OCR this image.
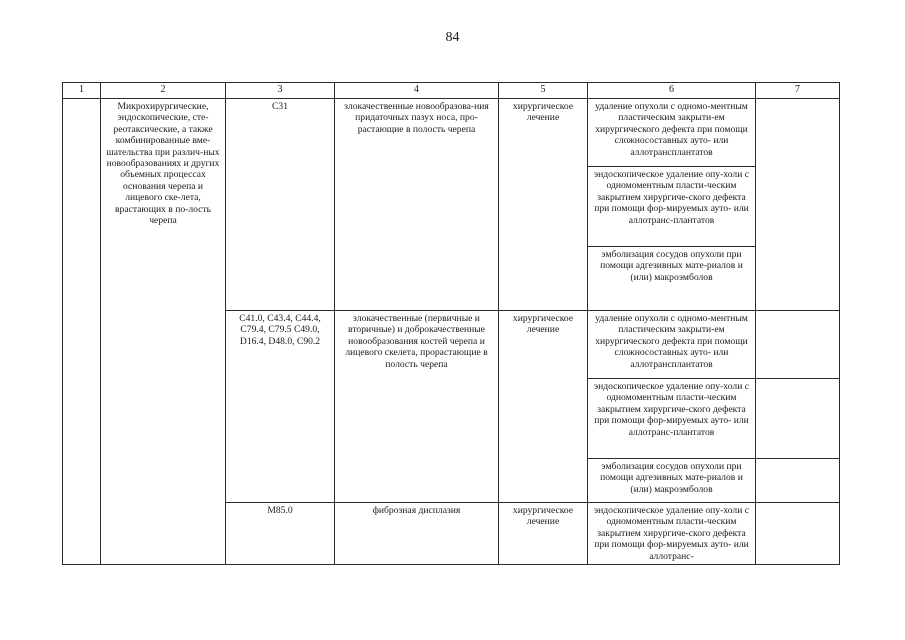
84
1	2	3	4	5	6	7
	Микрохирургические, эндоскопические, сте-реотаксические, а также комбинированные вме-шательства при различ-ных новообразованиях и других объемных процессах основания черепа и лицевого ске-лета, врастающих в по-лость черепа	C31	злокачественные новообразова-ния придаточных пазух носа, про-растающие в полость черепа	хирургическое лечение	удаление опухоли с одномо-ментным пластическим закрыти-ем хирургического дефекта при помощи сложносоставных ауто- или аллотрансплантатов	
					эндоскопическое удаление опу-холи с одномоментным пласти-ческим закрытием хирургиче-ского дефекта при помощи фор-мируемых ауто- или аллотранс-плантатов	
					эмболизация сосудов опухоли при помощи адгезивных мате-риалов и (или) макроэмболов	
		C41.0, C43.4, C44.4, C79.4, C79.5 C49.0, D16.4, D48.0, C90.2	злокачественные (первичные и вторичные) и доброкачественные новообразования костей черепа и лицевого скелета, прорастающие в полость черепа	хирургическое лечение	удаление опухоли с одномо-ментным пластическим закрыти-ем хирургического дефекта при помощи сложносоставных ауто- или аллотрансплантатов	
					эндоскопическое удаление опу-холи с одномоментным пласти-ческим закрытием хирургиче-ского дефекта при помощи фор-мируемых ауто- или аллотранс-плантатов	
					эмболизация сосудов опухоли при помощи адгезивных мате-риалов и (или) макроэмболов	
		M85.0	фиброзная дисплазия	хирургическое лечение	эндоскопическое удаление опу-холи с одномоментным пласти-ческим закрытием хирургиче-ского дефекта при помощи фор-мируемых ауто- или аллотранс-	
